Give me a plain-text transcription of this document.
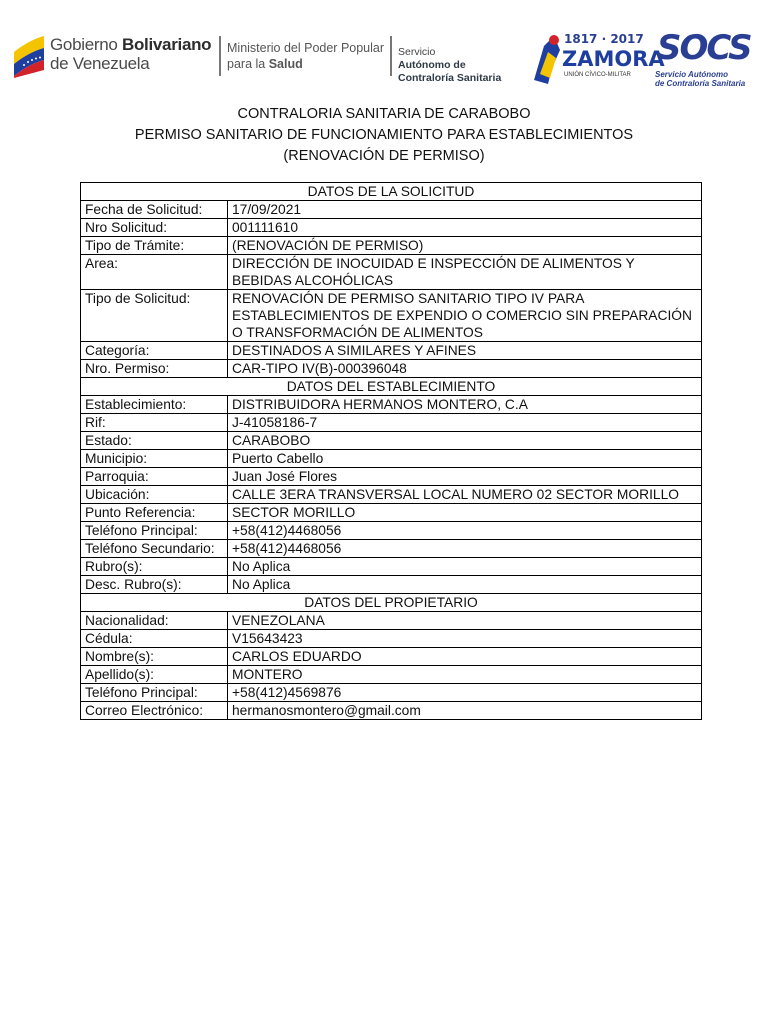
Gobierno Bolivariano
de Venezuela
Ministerio del Poder Popular
para la Salud
Servicio
Autónomo de
Contraloría Sanitaria
1817 · 2017
ZAMORA
UNIÓN CÍVICO-MILITAR
SOCS
Servicio Autónomo
de Contraloría Sanitaria
CONTRALORIA SANITARIA DE CARABOBO
PERMISO SANITARIO DE FUNCIONAMIENTO PARA ESTABLECIMIENTOS
(RENOVACIÓN DE PERMISO)
DATOS DE LA SOLICITUD	
Fecha de Solicitud:	17/09/2021
Nro Solicitud:	001111610
Tipo de Trámite:	(RENOVACIÓN DE PERMISO)
Area:	DIRECCIÓN DE INOCUIDAD E INSPECCIÓN DE ALIMENTOS Y BEBIDAS ALCOHÓLICAS
Tipo de Solicitud:	RENOVACIÓN DE PERMISO SANITARIO TIPO IV PARA ESTABLECIMIENTOS DE EXPENDIO O COMERCIO SIN PREPARACIÓN O TRANSFORMACIÓN DE ALIMENTOS
Categoría:	DESTINADOS A SIMILARES Y AFINES
Nro. Permiso:	CAR-TIPO IV(B)-000396048
DATOS DEL ESTABLECIMIENTO	
Establecimiento:	DISTRIBUIDORA HERMANOS MONTERO, C.A
Rif:	J-41058186-7
Estado:	CARABOBO
Municipio:	Puerto Cabello
Parroquia:	Juan José Flores
Ubicación:	CALLE 3ERA TRANSVERSAL LOCAL NUMERO 02 SECTOR MORILLO
Punto Referencia:	SECTOR MORILLO
Teléfono Principal:	+58(412)4468056
Teléfono Secundario:	+58(412)4468056
Rubro(s):	No Aplica
Desc. Rubro(s):	No Aplica
DATOS DEL PROPIETARIO	
Nacionalidad:	VENEZOLANA
Cédula:	V15643423
Nombre(s):	CARLOS EDUARDO
Apellido(s):	MONTERO
Teléfono Principal:	+58(412)4569876
Correo Electrónico:	hermanosmontero@gmail.com
